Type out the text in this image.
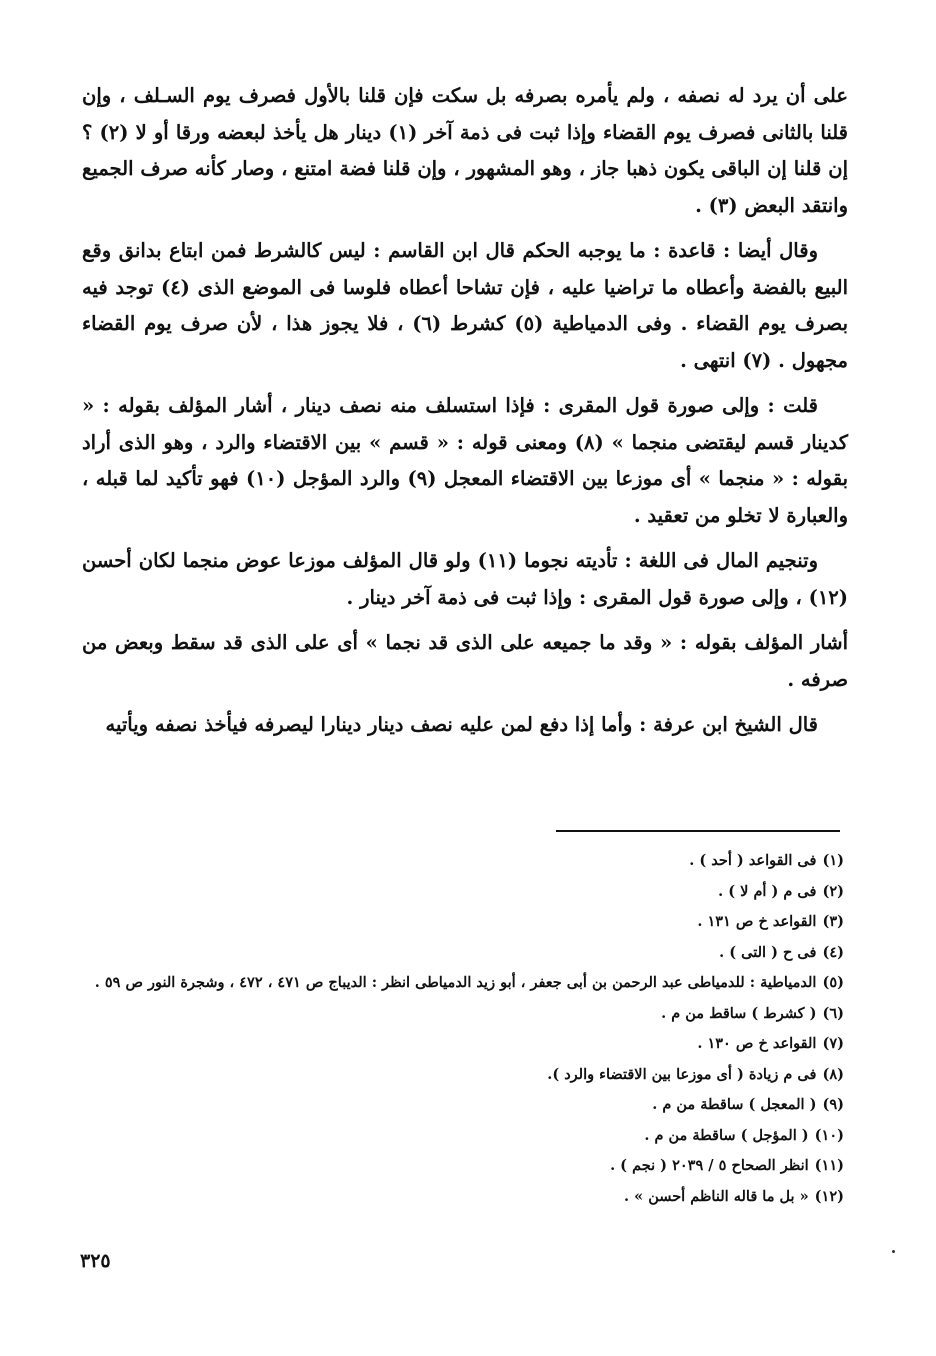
على أن يرد له نصفه ، ولم يأمره بصرفه بل سكت فإن قلنا بالأول فصرف يوم السـلف ، وإن قلنا بالثانى فصرف يوم القضاء وإذا ثبت فى ذمة آخر (١) دينار هل يأخذ لبعضه ورقا أو لا (٢) ؟ إن قلنا إن الباقى يكون ذهبا جاز ، وهو المشهور ، وإن قلنا فضة امتنع ، وصار كأنه صرف الجميع وانتقد البعض (٣) .

وقال أيضا : قاعدة : ما يوجبه الحكم قال ابن القاسم : ليس كالشرط فمن ابتاع بدانق وقع البيع بالفضة وأعطاه ما تراضيا عليه ، فإن تشاحا أعطاه فلوسا فى الموضع الذى (٤) توجد فيه بصرف يوم القضاء . وفى الدمياطية (٥) كشرط (٦) ، فلا يجوز هذا ، لأن صرف يوم القضاء مجهول . (٧) انتهى .

قلت : وإلى صورة قول المقرى : فإذا استسلف منه نصف دينار ، أشار المؤلف بقوله : « كدينار قسم ليقتضى منجما » (٨) ومعنى قوله : « قسم » بين الاقتضاء والرد ، وهو الذى أراد بقوله : « منجما » أى موزعا بين الاقتضاء المعجل (٩) والرد المؤجل (١٠) فهو تأكيد لما قبله ، والعبارة لا تخلو من تعقيد .

وتنجيم المال فى اللغة : تأديته نجوما (١١) ولو قال المؤلف موزعا عوض منجما لكان أحسن (١٢) ، وإلى صورة قول المقرى : وإذا ثبت فى ذمة آخر دينار .

أشار المؤلف بقوله : « وقد ما جميعه على الذى قد نجما » أى على الذى قد سقط وبعض من صرفه .

قال الشيخ ابن عرفة : وأما إذا دفع لمن عليه نصف دينار دينارا ليصرفه فيأخذ نصفه ويأتيه

(١)
فى القواعد ( أحد ) .
(٢)
فى م ( أم لا ) .
(٣)
القواعد خ ص ١٣١ .
(٤)
فى ح ( التى ) .
(٥)
الدمياطية : للدمياطى عبد الرحمن بن أبى جعفر ، أبو زيد الدمياطى انظر : الديباج ص ٤٧١ ، ٤٧٢ ، وشجرة النور ص ٥٩ .
(٦)
( كشرط ) ساقط من م .
(٧)
القواعد خ ص ١٣٠ .
(٨)
فى م زيادة ( أى موزعا بين الاقتضاء والرد ).
(٩)
( المعجل ) ساقطة من م .
(١٠)
( المؤجل ) ساقطة من م .
(١١)
انظر الصحاح ٥ / ٢٠٣٩ ( نجم ) .
(١٢)
« بل ما قاله الناظم أحسن » .
٣٢٥
